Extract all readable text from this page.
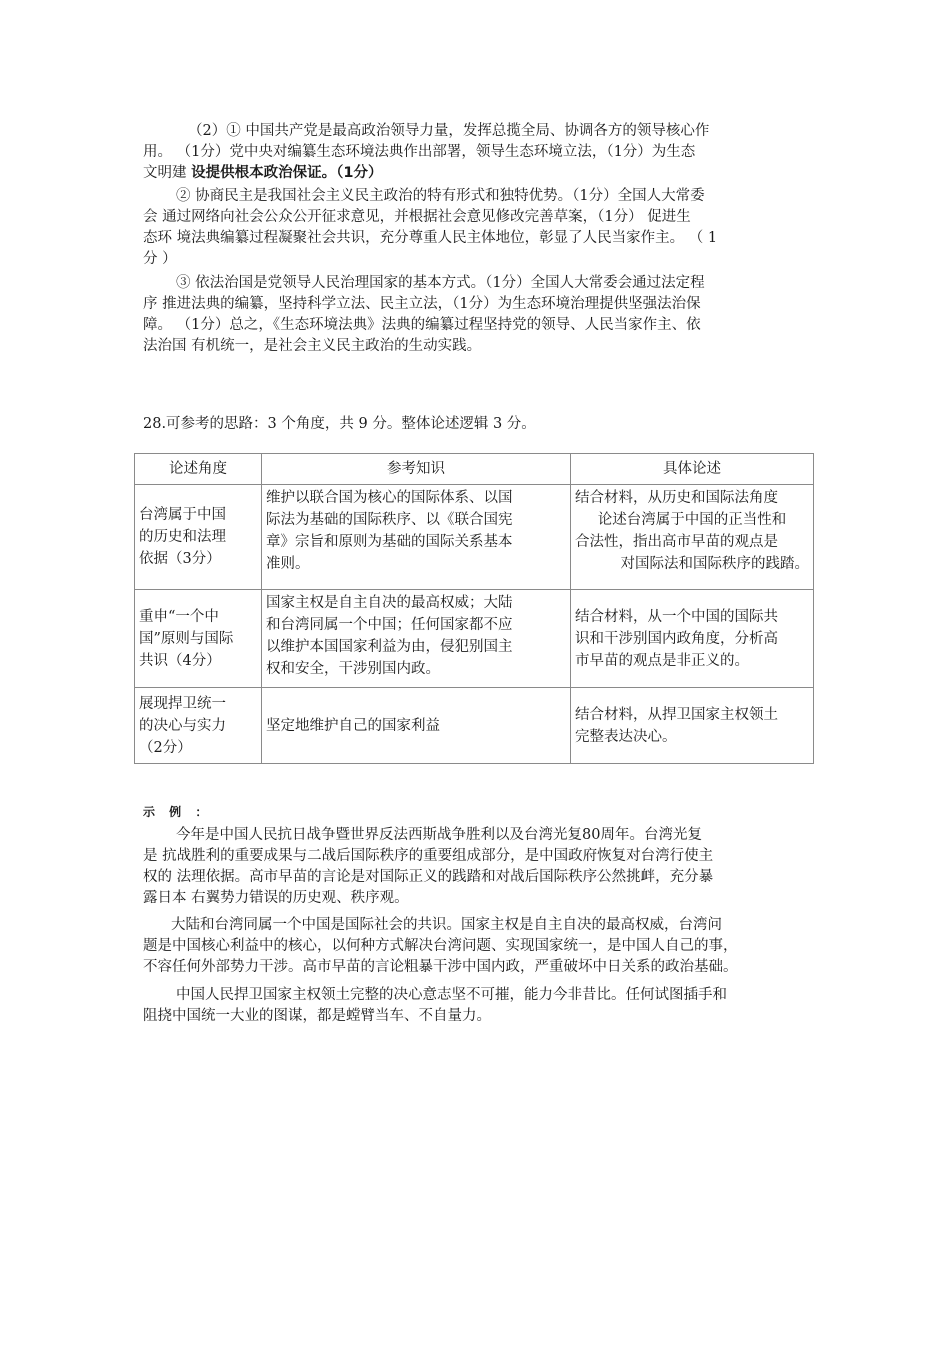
（2）① 中国共产党是最高政治领导力量，发挥总揽全局、协调各方的领导核心作
用。 （1分）党中央对编纂生态环境法典作出部署，领导生态环境立法，（1分）为生态
文明建 设提供根本政治保证。（1分）
② 协商民主是我国社会主义民主政治的特有形式和独特优势。（1分）全国人大常委
会 通过网络向社会公众公开征求意见，并根据社会意见修改完善草案，（1分） 促进生
态环 境法典编纂过程凝聚社会共识，充分尊重人民主体地位，彰显了人民当家作主。 （ 1
分 ）
③ 依法治国是党领导人民治理国家的基本方式。（1分）全国人大常委会通过法定程
序 推进法典的编纂，坚持科学立法、民主立法，（1分）为生态环境治理提供坚强法治保
障。 （1分）总之，《生态环境法典》法典的编纂过程坚持党的领导、人民当家作主、依
法治国 有机统一，是社会主义民主政治的生动实践。
28.可参考的思路：3 个角度，共 9 分。整体论述逻辑 3 分。
论述角度	参考知识	具体论述

台湾属于中国
的历史和法理
依据（3分）	维护以联合国为核心的国际体系、以国
际法为基础的国际秩序、以《联合国宪
章》宗旨和原则为基础的国际关系基本
准则。	结合材料，从历史和国际法角度
论述台湾属于中国的正当性和
合法性，指出高市早苗的观点是
对国际法和国际秩序的践踏。

重申“一个中
国”原则与国际
共识（4分）	国家主权是自主自决的最高权威；大陆
和台湾同属一个中国；任何国家都不应
以维护本国国家利益为由，侵犯别国主
权和安全，干涉别国内政。	结合材料，从一个中国的国际共
识和干涉别国内政角度，分析高
市早苗的观点是非正义的。

展现捍卫统一
的决心与实力
（2分）	坚定地维护自己的国家利益	结合材料，从捍卫国家主权领土
完整表达决心。
示 例 ：
今年是中国人民抗日战争暨世界反法西斯战争胜利以及台湾光复80周年。台湾光复
是 抗战胜利的重要成果与二战后国际秩序的重要组成部分，是中国政府恢复对台湾行使主
权的 法理依据。高市早苗的言论是对国际正义的践踏和对战后国际秩序公然挑衅，充分暴
露日本 右翼势力错误的历史观、秩序观。
大陆和台湾同属一个中国是国际社会的共识。国家主权是自主自决的最高权威，台湾问
题是中国核心利益中的核心，以何种方式解决台湾问题、实现国家统一，是中国人自己的事，
不容任何外部势力干涉。高市早苗的言论粗暴干涉中国内政，严重破坏中日关系的政治基础。
中国人民捍卫国家主权领土完整的决心意志坚不可摧，能力今非昔比。任何试图插手和
阻挠中国统一大业的图谋，都是螳臂当车、不自量力。
